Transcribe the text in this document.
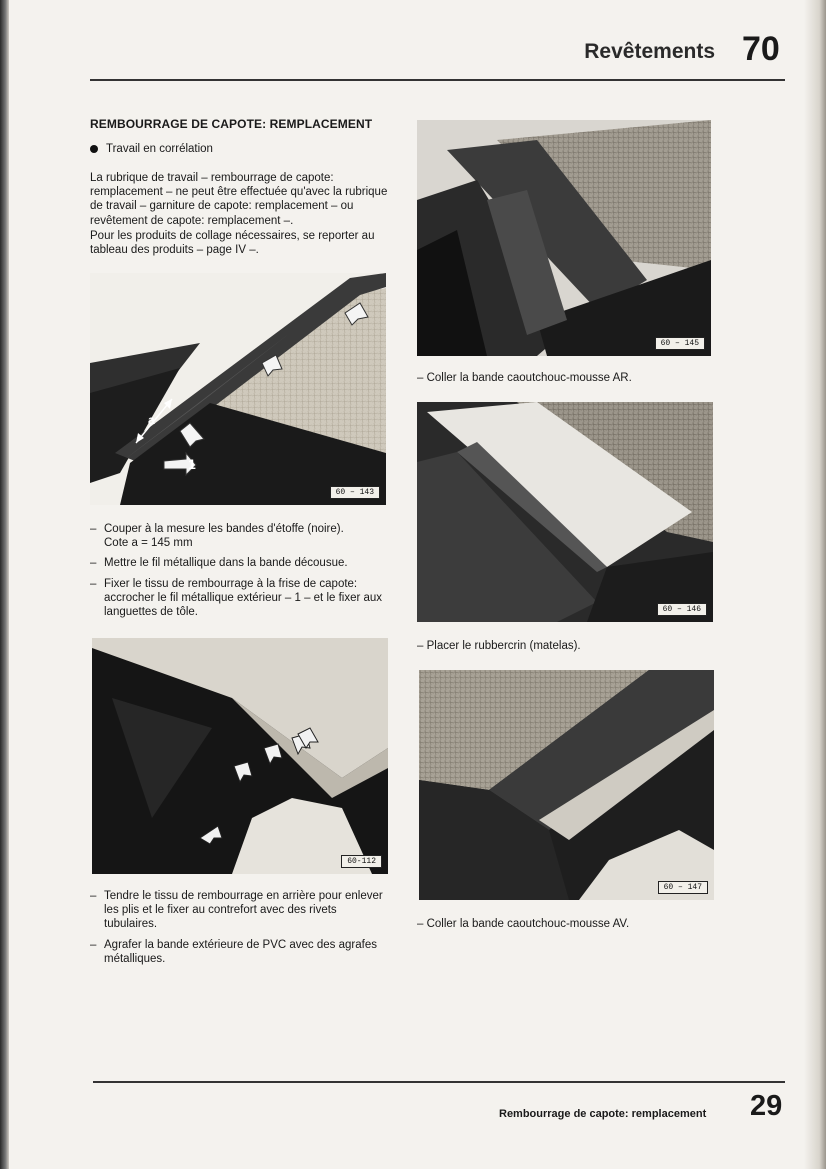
Revêtements 70
REMBOURRAGE DE CAPOTE: REMPLACEMENT
Travail en corrélation
La rubrique de travail – rembourrage de capote: remplacement – ne peut être effectuée qu'avec la rubrique de travail – garniture de capote: remplacement – ou revêtement de capote: remplacement –.
Pour les produits de collage nécessaires, se reporter au tableau des produits – page IV –.
a
1
60 – 143
– Couper à la mesure les bandes d'étoffe (noire).
Cote a = 145 mm
– Mettre le fil métallique dans la bande décousue.
– Fixer le tissu de rembourrage à la frise de capote:
accrocher le fil métallique extérieur – 1 – et le fixer aux languettes de tôle.
60-112
– Tendre le tissu de rembourrage en arrière pour enlever les plis et le fixer au contrefort avec des rivets tubulaires.
– Agrafer la bande extérieure de PVC avec des agrafes métalliques.
60 – 145
– Coller la bande caoutchouc-mousse AR.
60 – 146
– Placer le rubbercrin (matelas).
60 – 147
– Coller la bande caoutchouc-mousse AV.
Rembourrage de capote: remplacement 29
